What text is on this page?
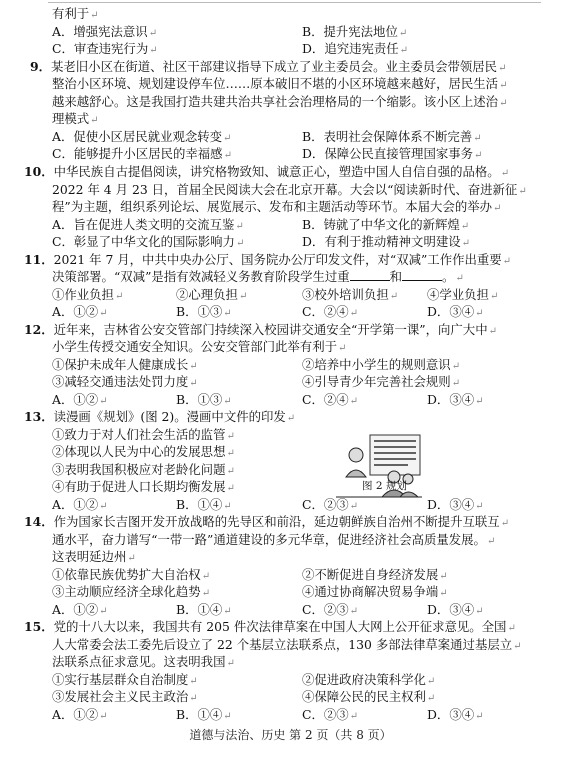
有利于↵
A．增强宪法意识↵	B．提升宪法地位↵
C．审查违宪行为↵	D．追究违宪责任↵
9．某老旧小区在街道、社区干部建议指导下成立了业主委员会。业主委员会带领居民↵
整治小区环境、规划建设停车位……原本破旧不堪的小区环境越来越好，居民生活↵
越来越舒心。这是我国打造共建共治共享社会治理格局的一个缩影。该小区上述治↵
理模式↵
A．促使小区居民就业观念转变↵	B．表明社会保障体系不断完善↵
C．能够提升小区居民的幸福感↵	D．保障公民直接管理国家事务↵
10．中华民族自古提倡阅读，讲究格物致知、诚意正心，塑造中国人自信自强的品格。↵
2022 年 4 月 23 日，首届全民阅读大会在北京开幕。大会以“阅读新时代、奋进新征↵
程”为主题，组织系列论坛、展览展示、发布和主题活动等环节。本届大会的举办↵
A．旨在促进人类文明的交流互鉴↵	B．铸就了中华文化的新辉煌↵
C．彰显了中华文化的国际影响力↵	D．有利于推动精神文明建设↵
11．2021 年 7 月，中共中央办公厅、国务院办公厅印发文件，对“双减”工作作出重要↵
决策部署。“双减”是指有效减轻义务教育阶段学生过重	和	。↵
①作业负担↵	②心理负担↵	③校外培训负担↵ ④学业负担↵
A．①②↵	B．①③↵	C．②④↵	D．③④↵
12．近年来，吉林省公安交管部门持续深入校园讲交通安全“开学第一课”，向广大中↵
小学生传授交通安全知识。公安交管部门此举有利于↵
①保护未成年人健康成长↵	②培养中小学生的规则意识↵
③减轻交通违法处罚力度↵	④引导青少年完善社会规则↵
A．①②↵	B．①③↵	C．②④↵	D．③④↵
13．读漫画《规划》(图 2)。漫画中文件的印发↵
①致力于对人们社会生活的监管↵
②体现以人民为中心的发展思想↵
③表明我国积极应对老龄化问题↵
④有助于促进人口长期均衡发展↵
A．①②↵	B．①④↵	C．②③↵	D．③④↵
14．作为国家长吉图开发开放战略的先导区和前沿，延边朝鲜族自治州不断提升互联互↵
通水平，奋力谱写“一带一路”通道建设的多元华章，促进经济社会高质量发展。↵
这表明延边州↵
①依靠民族优势扩大自治权↵	②不断促进自身经济发展↵
③主动顺应经济全球化趋势↵	④通过协商解决贸易争端↵
A．①②↵	B．①④↵	C．②③↵	D．③④↵
15．党的十八大以来，我国共有 205 件次法律草案在中国人大网上公开征求意见。全国↵
人大常委会法工委先后设立了 22 个基层立法联系点，130 多部法律草案通过基层立↵
法联系点征求意见。这表明我国↵
①实行基层群众自治制度↵	②促进政府决策科学化↵
③发展社会主义民主政治↵	④保障公民的民主权利↵
A．①②↵	B．①④↵	C．②③↵	D．③④↵
图 2 规划
道德与法治、历史 第 2 页（共 8 页）
